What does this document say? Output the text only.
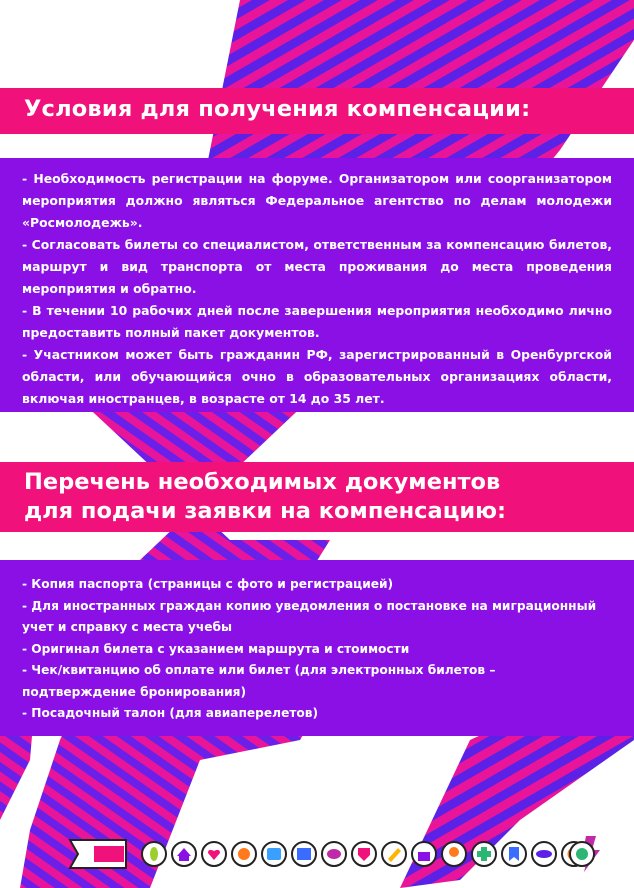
Условия для получения компенсации:
- Необходимость регистрации на форуме. Организатором или соорганизатором мероприятия должно являться Федеральное агентство по делам молодежи «Росмолодежь».
- Согласовать билеты со специалистом, ответственным за компенсацию билетов, маршрут и вид транспорта от места проживания до места проведения мероприятия и обратно.
- В течении 10 рабочих дней после завершения мероприятия необходимо лично предоставить полный пакет документов.
- Участником может быть гражданин РФ, зарегистрированный в Оренбургской области, или обучающийся очно в образовательных организациях области, включая иностранцев, в возрасте от 14 до 35 лет.
Перечень необходимых документов
для подачи заявки на компенсацию:
- Копия паспорта (страницы с фото и регистрацией)
- Для иностранных граждан копию уведомления о постановке на миграционный учет и справку с места учебы
- Оригинал билета с указанием маршрута и стоимости
- Чек/квитанцию об оплате или билет (для электронных билетов – подтверждение бронирования)
- Посадочный талон (для авиаперелетов)
